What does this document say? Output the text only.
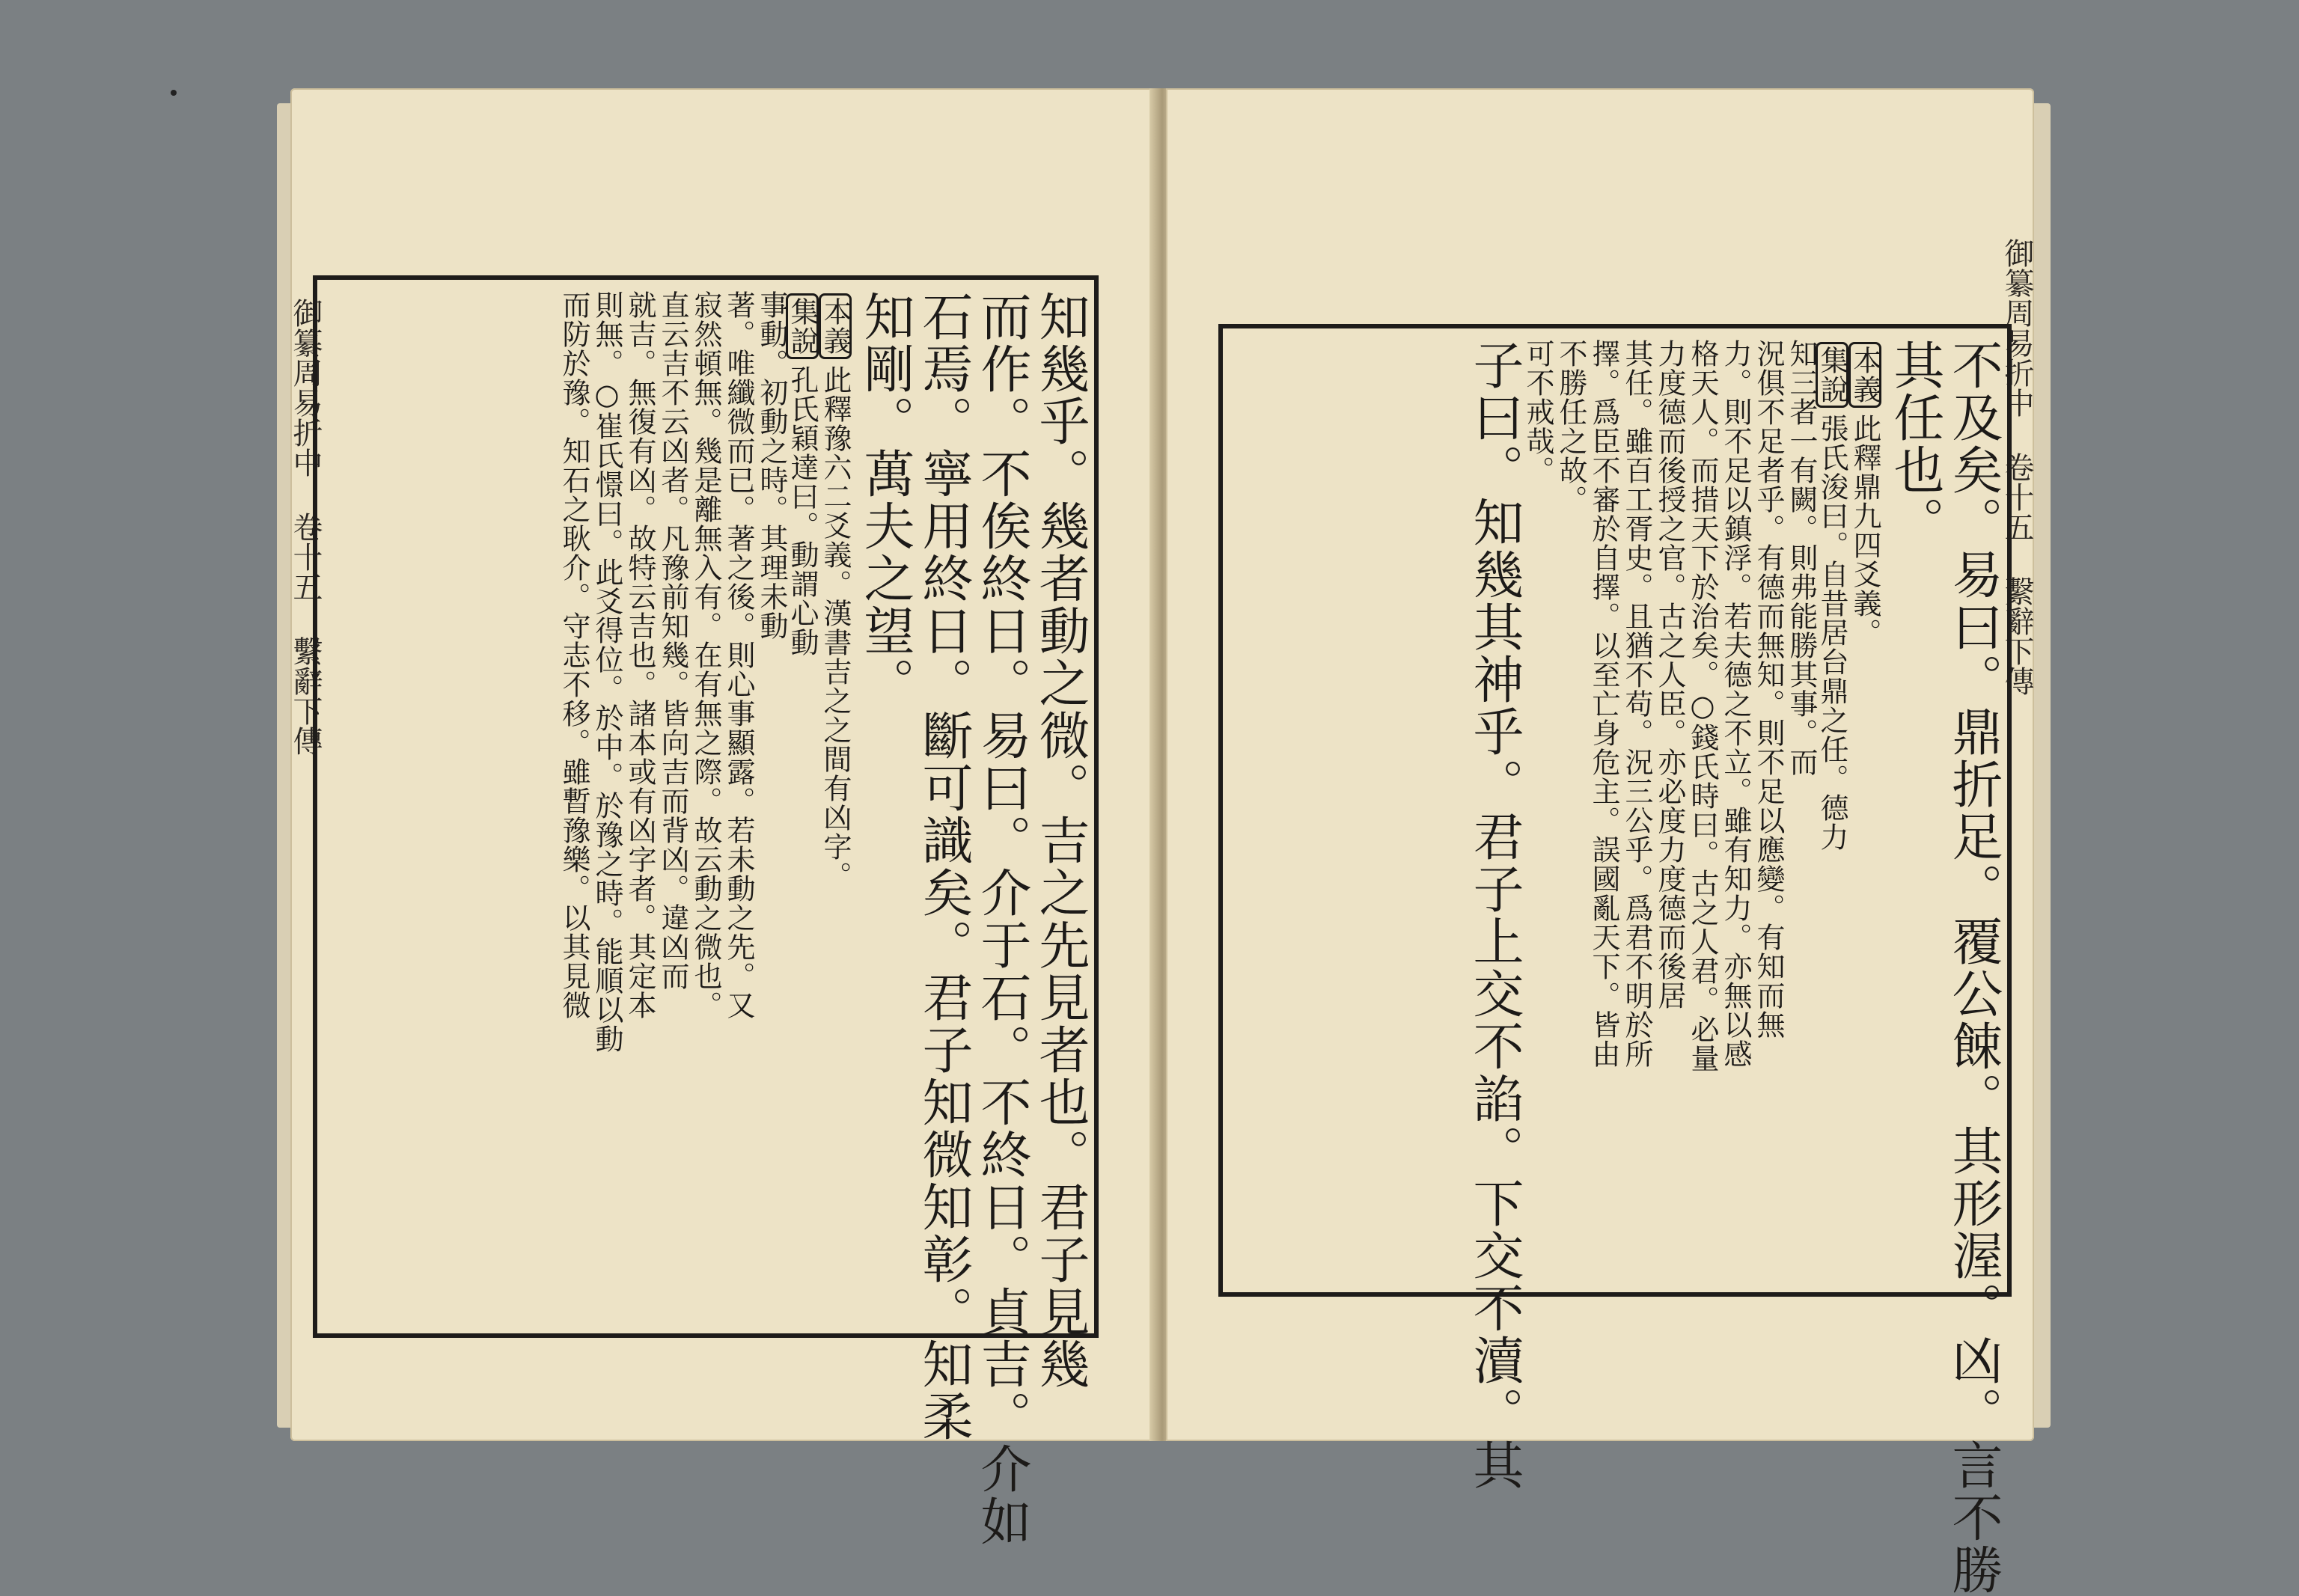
御纂周易折中 卷十五 繫辭下傳	知幾乎。幾者動之微。吉之先見者也。君子見幾
而作。不俟終日。易曰。介于石。不終日。貞吉。介如
石焉。寧用終日。斷可識矣。君子知微知彰。知柔
知剛。萬夫之望。
本義此釋豫六二爻義。漢書吉之之間有凶字。
集說孔氏穎達曰。動謂心動
事動。初動之時。其理未動
著。唯纖微而已。著之後。則心事顯露。若未動之先。又
寂然頓無。幾是離無入有。在有無之際。故云動之微也。
直云吉不云凶者。凡豫前知幾。皆向吉而背凶。違凶而
就吉。無復有凶。故特云吉也。諸本或有凶字者。其定本
則無。○崔氏憬曰。此爻得位。於中。於豫之時。能順以動
而防於豫。知石之耿介。守志不移。雖暫豫樂。以其見微	御纂周易折中 卷十五 繫辭下傳
不及矣。易曰。鼎折足。覆公餗。其形渥。凶。言不勝
其任也。
本義此釋鼎九四爻義。
集說張氏浚曰。自昔居台鼎之任。德力
知三者一有闕。則弗能勝其事。而
況俱不足者乎。有德而無知。則不足以應變。有知而無
力。則不足以鎮浮。若夫德之不立。雖有知力。亦無以感
格天人。而措天下於治矣。○錢氏時曰。古之人君。必量
力度德而後授之官。古之人臣。亦必度力度德而後居
其任。雖百工胥史。且猶不苟。況三公乎。爲君不明於所
擇。爲臣不審於自擇。以至亡身危主。誤國亂天下。皆由
不勝任之故。
可不戒哉。
子曰。知幾其神乎。君子上交不諂。下交不瀆。其
